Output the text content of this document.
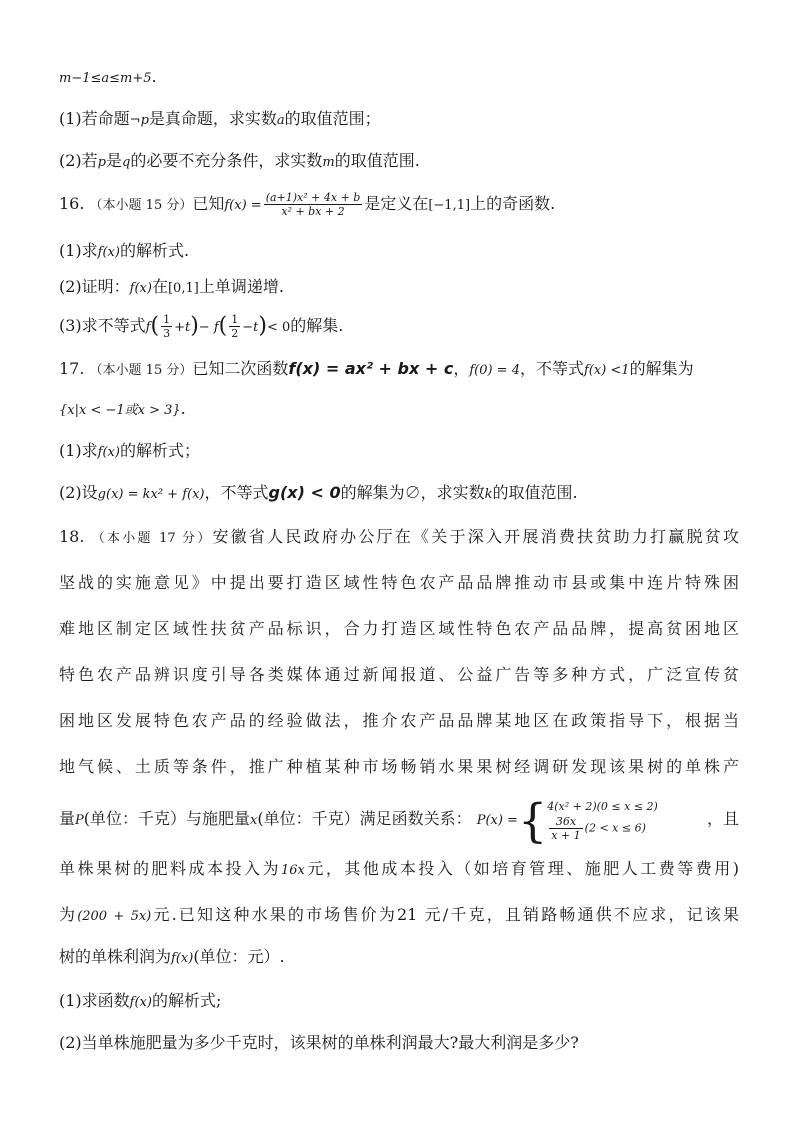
m−1≤a≤m+5.
(1)若命题¬p是真命题，求实数a的取值范围；
(2)若p是q的必要不充分条件，求实数m的取值范围.
16. （本小题 15 分）已知$f(x) = \frac{\text{(a+1)x² + 4x + b}}{\text{x² + bx + 2}}$ 是定义在[−1,1]上的奇函数.
(1)求f(x)的解析式.
(2)证明：f(x)在[0,1]上单调递增.
(3)求不等式$f( \frac{1}{3} +t)- f( \frac{1}{2} -t)< 0$的解集.
17. （本小题 15 分）已知二次函数f(x) = ax² + bx + c，f(0) = 4，不等式f(x) <1的解集为
{x|x < −1或x > 3}.
(1)求f(x)的解析式；
(2)设g(x) = kx² + f(x)，不等式g(x) < 0的解集为∅，求实数k的取值范围.
18. （本小题 17 分）安徽省人民政府办公厅在《关于深入开展消费扶贫助力打赢脱贫攻
坚战的实施意见》中提出要打造区域性特色农产品品牌推动市县或集中连片特殊困
难地区制定区域性扶贫产品标识，合力打造区域性特色农产品品牌，提高贫困地区
特色农产品辨识度引导各类媒体通过新闻报道、公益广告等多种方式，广泛宣传贫
困地区发展特色农产品的经验做法，推介农产品品牌某地区在政策指导下，根据当
地气候、土质等条件，推广种植某种市场畅销水果果树经调研发现该果树的单株产
量P(单位：千克）与施肥量x(单位：千克）满足函数关系： P(x) ={ 4(x² + 2)(0 ≤ x ≤ 2)
$\frac{36x}{x + 1} (2 < x \le 6)$	，且
单株果树的肥料成本投入为16x元，其他成本投入（如培育管理、施肥人工费等费用)
为(200 + 5x)元.已知这种水果的市场售价为21 元/千克，且销路畅通供不应求，记该果
树的单株利润为f(x)(单位：元）.
(1)求函数f(x)的解析式;
(2)当单株施肥量为多少千克时，该果树的单株利润最大?最大利润是多少?
